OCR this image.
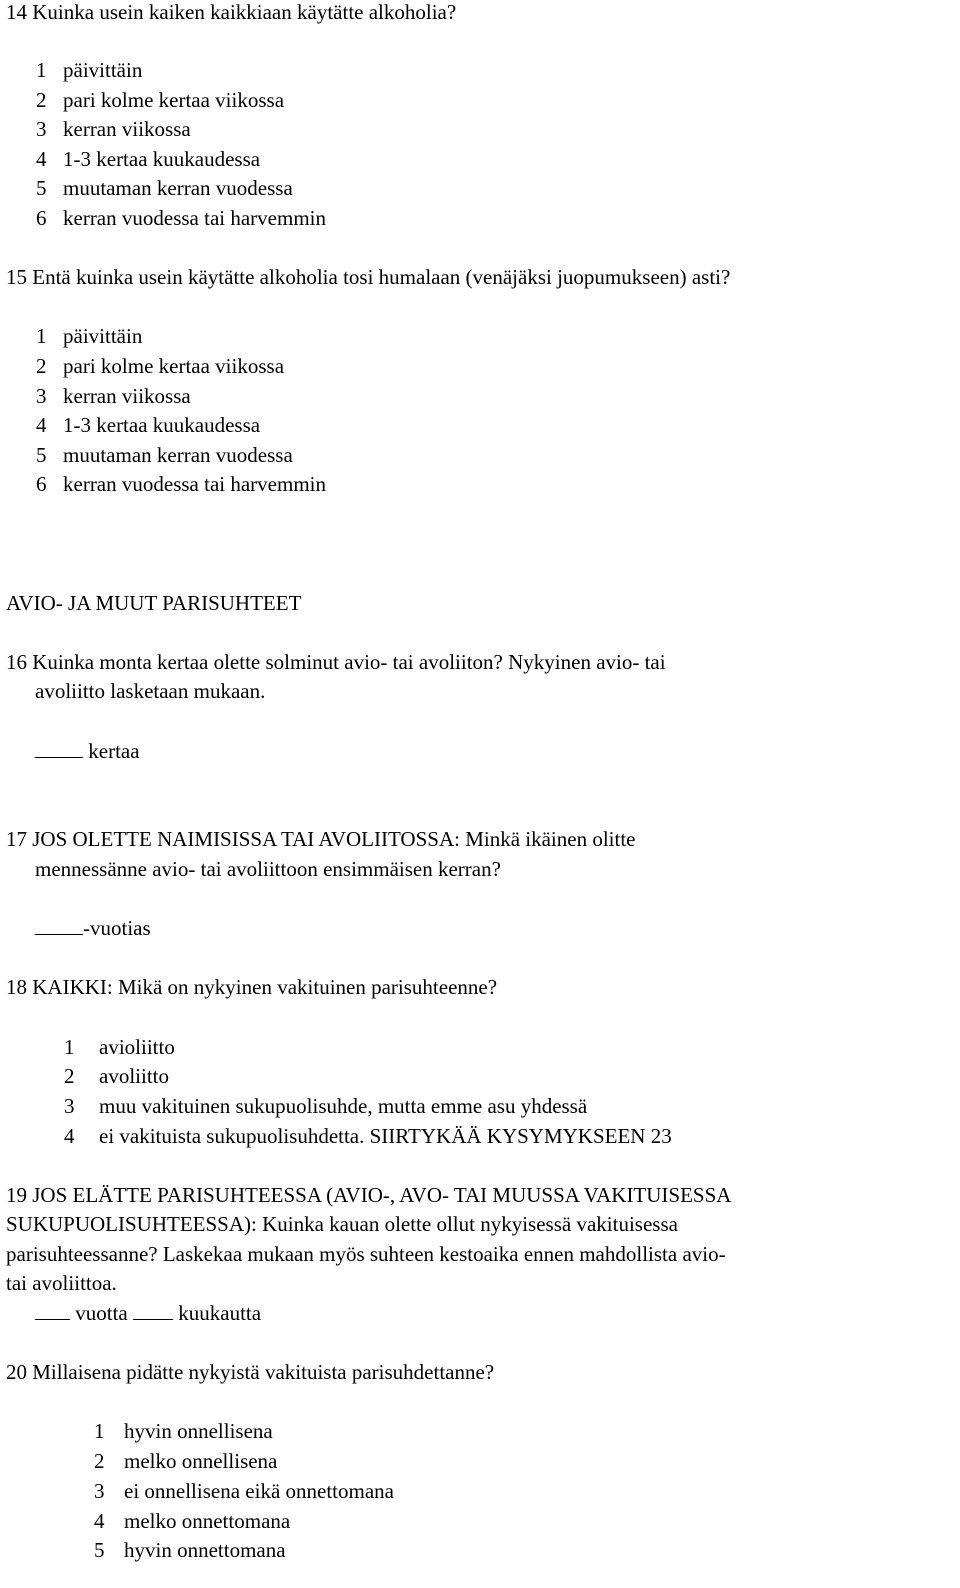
14 Kuinka usein kaiken kaikkiaan käytätte alkoholia?

1 päivittäin

2 pari kolme kertaa viikossa

3 kerran viikossa

4 1-3 kertaa kuukaudessa

5 muutaman kerran vuodessa

6 kerran vuodessa tai harvemmin

15 Entä kuinka usein käytätte alkoholia tosi humalaan (venäjäksi juopumukseen) asti?

1 päivittäin

2 pari kolme kertaa viikossa

3 kerran viikossa

4 1-3 kertaa kuukaudessa

5 muutaman kerran vuodessa

6 kerran vuodessa tai harvemmin

AVIO- JA MUUT PARISUHTEET

16 Kuinka monta kertaa olette solminut avio- tai avoliiton? Nykyinen avio- tai

avoliitto lasketaan mukaan.

kertaa

17 JOS OLETTE NAIMISISSA TAI AVOLIITOSSA: Minkä ikäinen olitte

mennessänne avio- tai avoliittoon ensimmäisen kerran?

-vuotias

18 KAIKKI: Mikä on nykyinen vakituinen parisuhteenne?

1 avioliitto

2 avoliitto

3 muu vakituinen sukupuolisuhde, mutta emme asu yhdessä

4 ei vakituista sukupuolisuhdetta. SIIRTYKÄÄ KYSYMYKSEEN 23

19 JOS ELÄTTE PARISUHTEESSA (AVIO-, AVO- TAI MUUSSA VAKITUISESSA

SUKUPUOLISUHTEESSA): Kuinka kauan olette ollut nykyisessä vakituisessa

parisuhteessanne? Laskekaa mukaan myös suhteen kestoaika ennen mahdollista avio-

tai avoliittoa.

vuotta kuukautta

20 Millaisena pidätte nykyistä vakituista parisuhdettanne?

1 hyvin onnellisena

2 melko onnellisena

3 ei onnellisena eikä onnettomana

4 melko onnettomana

5 hyvin onnettomana
